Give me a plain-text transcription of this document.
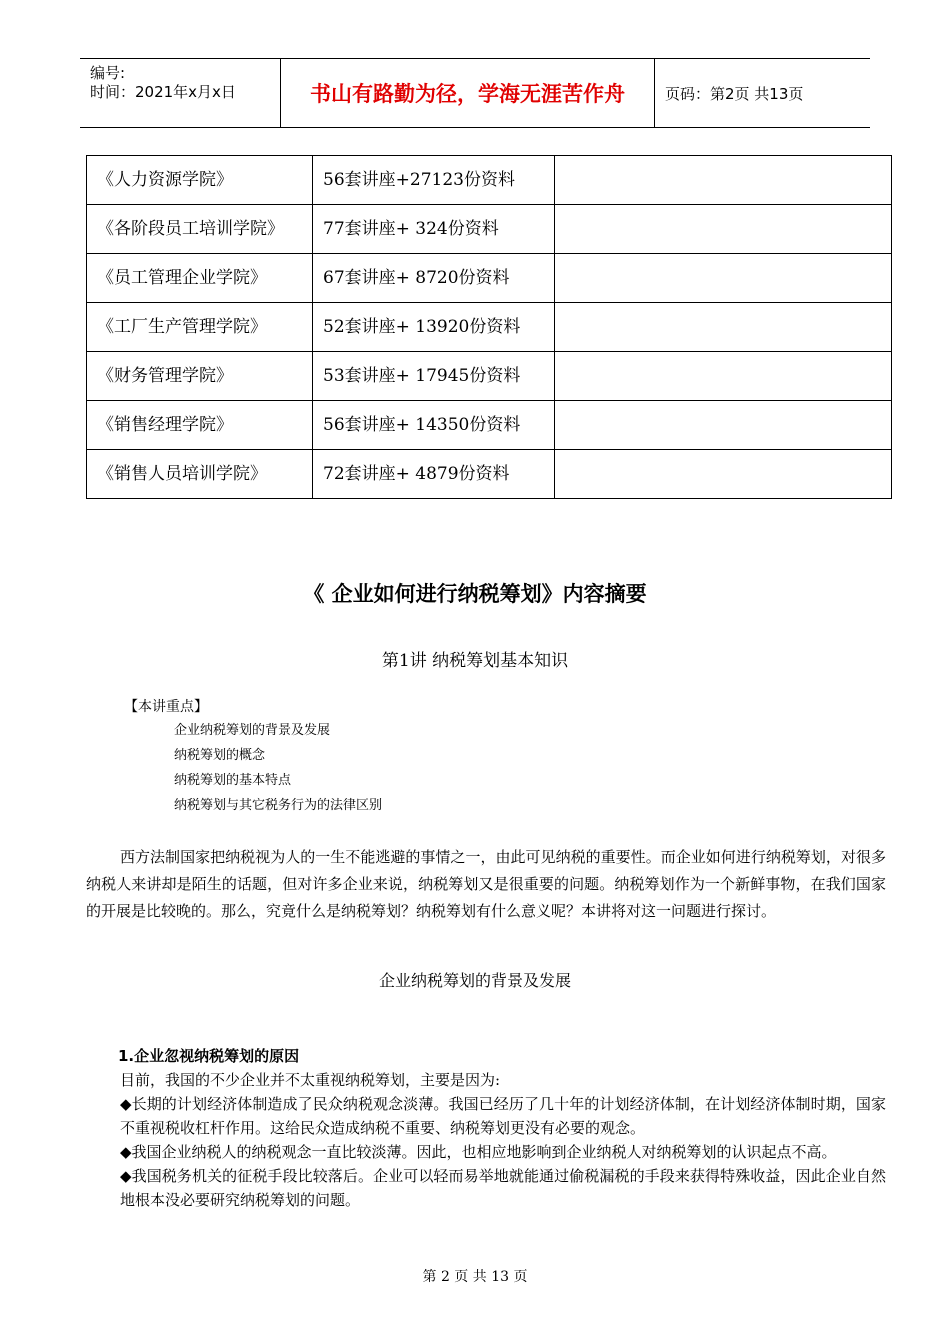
编号:
时间：2021年x月x日	书山有路勤为径，学海无涯苦作舟	页码：第2页 共13页
《人力资源学院》	56套讲座+27123份资料	
《各阶段员工培训学院》	77套讲座+ 324份资料	
《员工管理企业学院》	67套讲座+ 8720份资料	
《工厂生产管理学院》	52套讲座+ 13920份资料	
《财务管理学院》	53套讲座+ 17945份资料	
《销售经理学院》	56套讲座+ 14350份资料	
《销售人员培训学院》	72套讲座+ 4879份资料	
《 企业如何进行纳税筹划》内容摘要
第1讲 纳税筹划基本知识
【本讲重点】
企业纳税筹划的背景及发展
纳税筹划的概念
纳税筹划的基本特点
纳税筹划与其它税务行为的法律区别

西方法制国家把纳税视为人的一生不能逃避的事情之一，由此可见纳税的重要性。而企业如何进行纳税筹划，对很多纳税人来讲却是陌生的话题，但对许多企业来说，纳税筹划又是很重要的问题。纳税筹划作为一个新鲜事物，在我们国家的开展是比较晚的。那么，究竟什么是纳税筹划？纳税筹划有什么意义呢？本讲将对这一问题进行探讨。

企业纳税筹划的背景及发展
1.企业忽视纳税筹划的原因
目前，我国的不少企业并不太重视纳税筹划，主要是因为:
◆长期的计划经济体制造成了民众纳税观念淡薄。我国已经历了几十年的计划经济体制，在计划经济体制时期，国家不重视税收杠杆作用。这给民众造成纳税不重要、纳税筹划更没有必要的观念。
◆我国企业纳税人的纳税观念一直比较淡薄。因此，也相应地影响到企业纳税人对纳税筹划的认识起点不高。
◆我国税务机关的征税手段比较落后。企业可以轻而易举地就能通过偷税漏税的手段来获得特殊收益，因此企业自然地根本没必要研究纳税筹划的问题。
第 2 页 共 13 页
